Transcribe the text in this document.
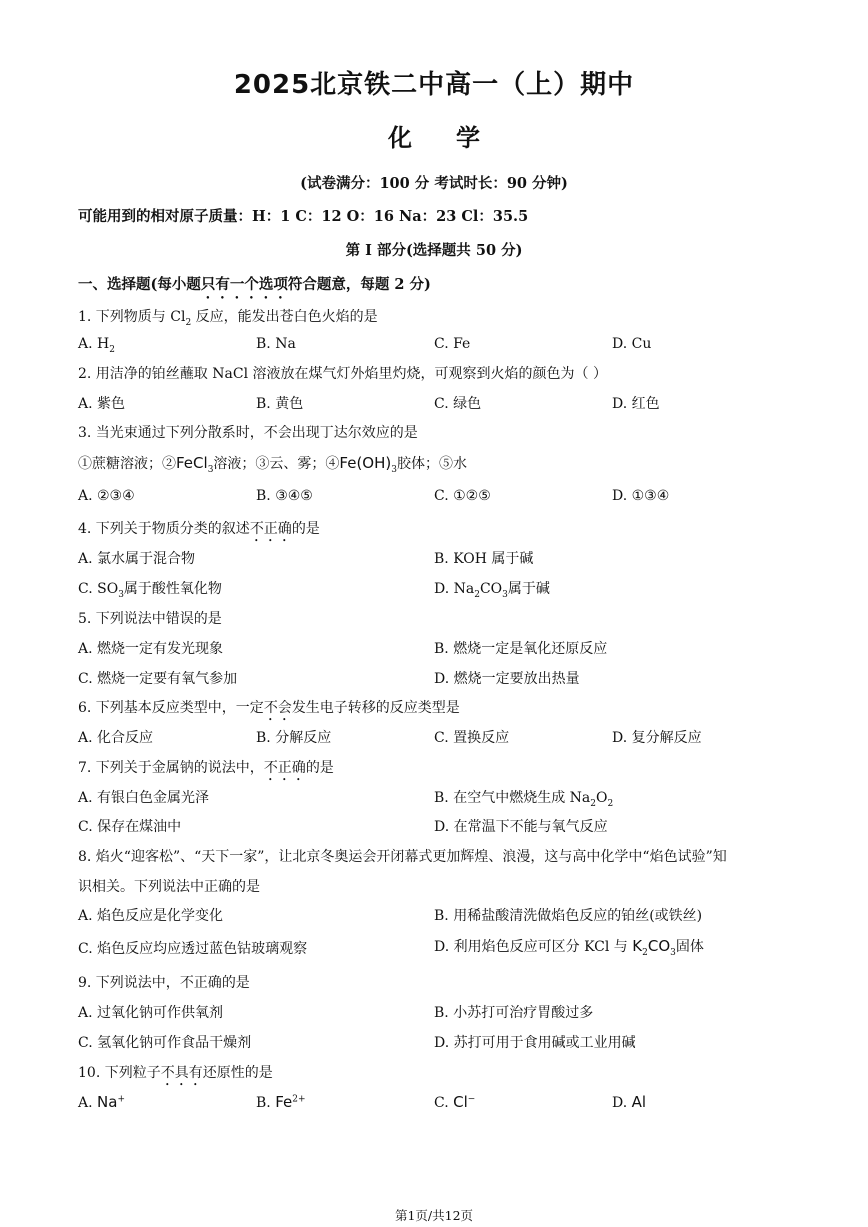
2025北京铁二中高一（上）期中
化学
(试卷满分：100 分 考试时长：90 分钟)
可能用到的相对原子质量：H：1 C：12 O：16 Na：23 Cl：35.5
第 I 部分(选择题共 50 分)
一、选择题(每小题只有一个选项符合题意，每题 2 分)
1. 下列物质与 $Cl_2$ 反应，能发出苍白色火焰的是
A. $H_2$	B. Na	C. Fe	D. Cu
2. 用洁净的铂丝蘸取 NaCl 溶液放在煤气灯外焰里灼烧，可观察到火焰的颜色为（ ）
A. 紫色	B. 黄色	C. 绿色	D. 红色
3. 当光束通过下列分散系时，不会出现丁达尔效应的是
①蔗糖溶液；②FeCl$_3$溶液；③云、雾；$④Fe(OH)_3$胶体；⑤水
A. ②③④	B. ③④⑤	C. ①②⑤	D. ①③④
4. 下列关于物质分类的叙述不正确的是
A. 氯水属于混合物	B. KOH 属于碱
C. $SO_3$属于酸性氧化物	D. $Na_2CO_3$属于碱
5. 下列说法中错误的是
A. 燃烧一定有发光现象	B. 燃烧一定是氧化还原反应
C. 燃烧一定要有氧气参加	D. 燃烧一定要放出热量
6. 下列基本反应类型中，一定不会发生电子转移的反应类型是
A. 化合反应	B. 分解反应	C. 置换反应	D. 复分解反应
7. 下列关于金属钠的说法中，不正确的是
A. 有银白色金属光泽	B. 在空气中燃烧生成 $Na_2O_2$
C. 保存在煤油中	D. 在常温下不能与氧气反应
8. 焰火“迎客松”、“天下一家”，让北京冬奥运会开闭幕式更加辉煌、浪漫，这与高中化学中“焰色试验”知
识相关。下列说法中正确的是
A. 焰色反应是化学变化	B. 用稀盐酸清洗做焰色反应的铂丝(或铁丝)
C. 焰色反应均应透过蓝色钴玻璃观察	D. 利用焰色反应可区分 KCl 与 $K_2CO_3$固体
9. 下列说法中，不正确的是
A. 过氧化钠可作供氧剂	B. 小苏打可治疗胃酸过多
C. 氢氧化钠可作食品干燥剂	D. 苏打可用于食用碱或工业用碱
10. 下列粒子不具有还原性的是
A. Na+	B. $Fe^{2+}$	C. Cl−	D. Al
第1页/共12页
